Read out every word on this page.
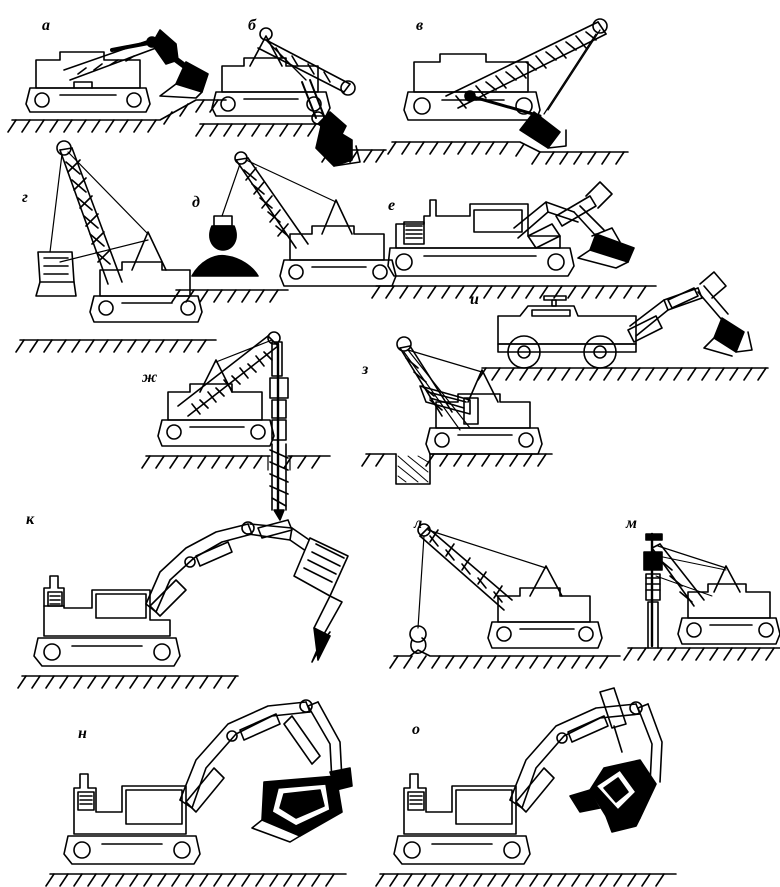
а	б	в
г	д	е
ж	з
и
к	л	м
н	о
